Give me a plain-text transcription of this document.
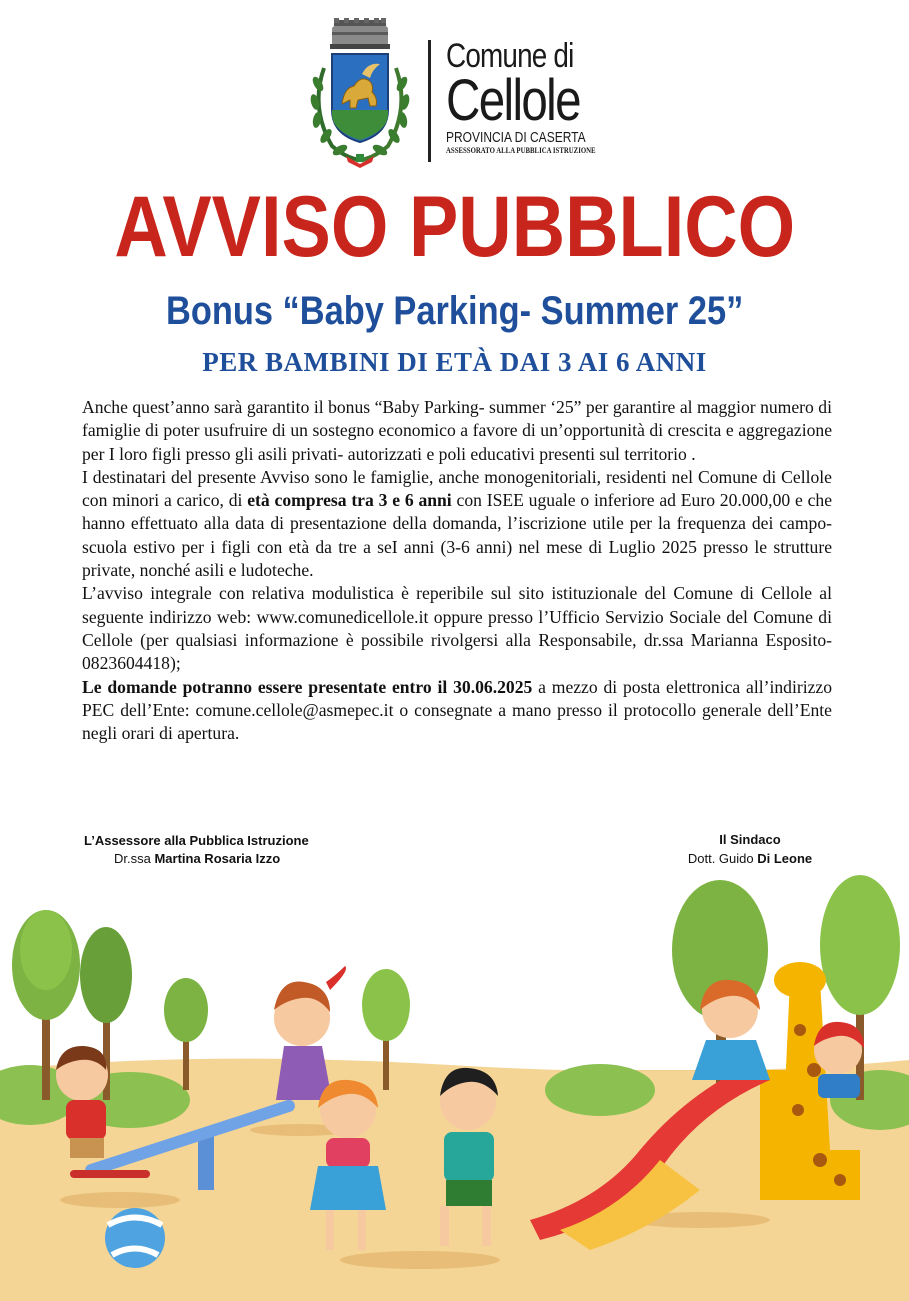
Comune di
Cellole
PROVINCIA DI CASERTA
ASSESSORATO ALLA PUBBLICA ISTRUZIONE
AVVISO PUBBLICO
Bonus “Baby Parking- Summer 25”
PER BAMBINI DI ETÀ DAI 3 AI 6 ANNI

Anche quest’anno sarà garantito il bonus “Baby Parking- summer ‘25” per garantire al maggior numero di famiglie di poter usufruire di un sostegno economico a favore di un’opportunità di crescita e aggregazione per I loro figli presso gli asili privati- autorizzati e poli educativi presenti sul territorio .

I destinatari del presente Avviso sono le famiglie, anche monogenitoriali, residenti nel Comune di Cellole con minori a carico, di età compresa tra 3 e 6 anni con ISEE uguale o inferiore ad Euro 20.000,00 e che hanno effettuato alla data di presentazione della domanda, l’iscrizione utile per la frequenza dei campo- scuola estivo per i figli con età da tre a seI anni (3-6 anni) nel mese di Luglio 2025 presso le strutture private, nonché asili e ludoteche.

L’avviso integrale con relativa modulistica è reperibile sul sito istituzionale del Comune di Cellole al seguente indirizzo web: www.comunedicellole.it oppure presso l’Ufficio Servizio Sociale del Comune di Cellole (per qualsiasi informazione è possibile rivolgersi alla Responsabile, dr.ssa Marianna Esposito- 0823604418);

Le domande potranno essere presentate entro il 30.06.2025 a mezzo di posta elettronica all’indirizzo PEC dell’Ente: comune.cellole@asmepec.it o consegnate a mano presso il protocollo generale dell’Ente negli orari di apertura.

L’Assessore alla Pubblica Istruzione
Dr.ssa Martina Rosaria Izzo
Il Sindaco
Dott. Guido Di Leone
